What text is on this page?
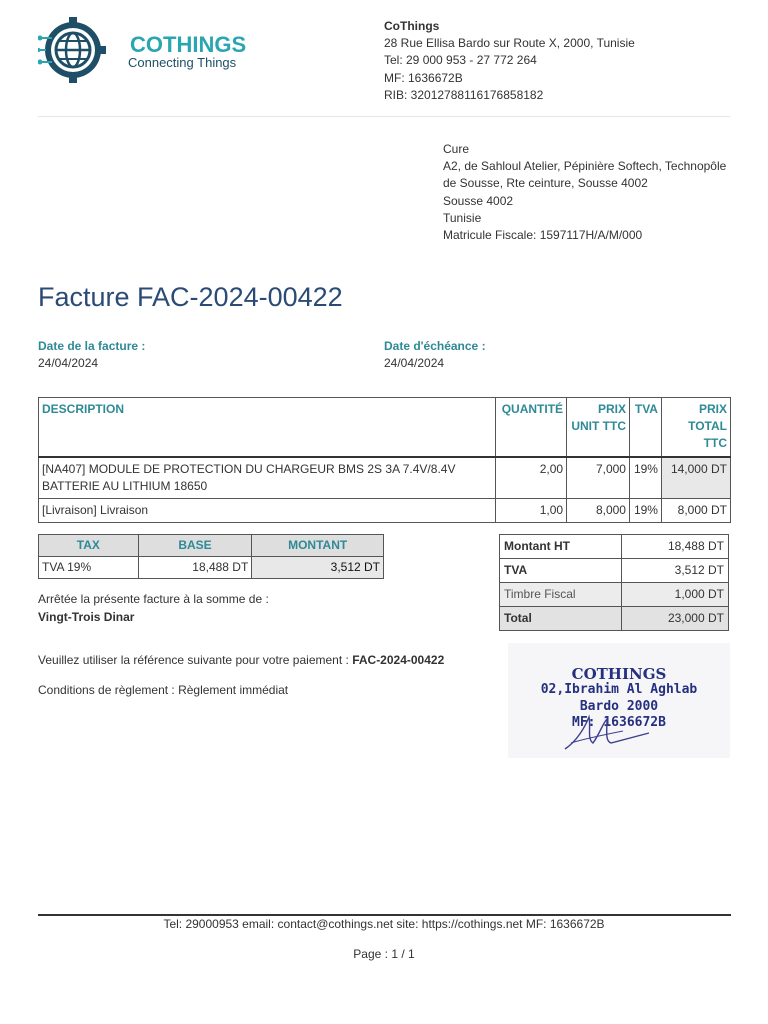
COTHINGS
Connecting Things
CoThings
28 Rue Ellisa Bardo sur Route X, 2000, Tunisie
Tel: 29 000 953 - 27 772 264
MF: 1636672B
RIB: 32012788116176858182
Cure
A2, de Sahloul Atelier, Pépinière Softech, Technopôle
de Sousse, Rte ceinture, Sousse 4002
Sousse 4002
Tunisie
Matricule Fiscale: 1597117H/A/M/000
Facture FAC-2024-00422
Date de la facture :
24/04/2024
Date d'échéance :
24/04/2024
DESCRIPTION	QUANTITÉ	PRIX UNIT TTC	TVA	PRIX TOTAL TTC
[NA407] MODULE DE PROTECTION DU CHARGEUR BMS 2S 3A 7.4V/8.4V BATTERIE AU LITHIUM 18650	2,00	7,000	19%	14,000 DT
[Livraison] Livraison	1,00	8,000	19%	8,000 DT
TAX	BASE	MONTANT
TVA 19%	18,488 DT	3,512 DT
Montant HT	18,488 DT
TVA	3,512 DT
Timbre Fiscal	1,000 DT
Total	23,000 DT
Arrêtée la présente facture à la somme de :
Vingt-Trois Dinar
Veuillez utiliser la référence suivante pour votre paiement : FAC-2024-00422
Conditions de règlement : Règlement immédiat
COTHINGS
02,Ibrahim Al Aghlab
Bardo 2000
MF: 1636672B
Tel: 29000953 email: contact@cothings.net site: https://cothings.net MF: 1636672B
Page : 1 / 1
